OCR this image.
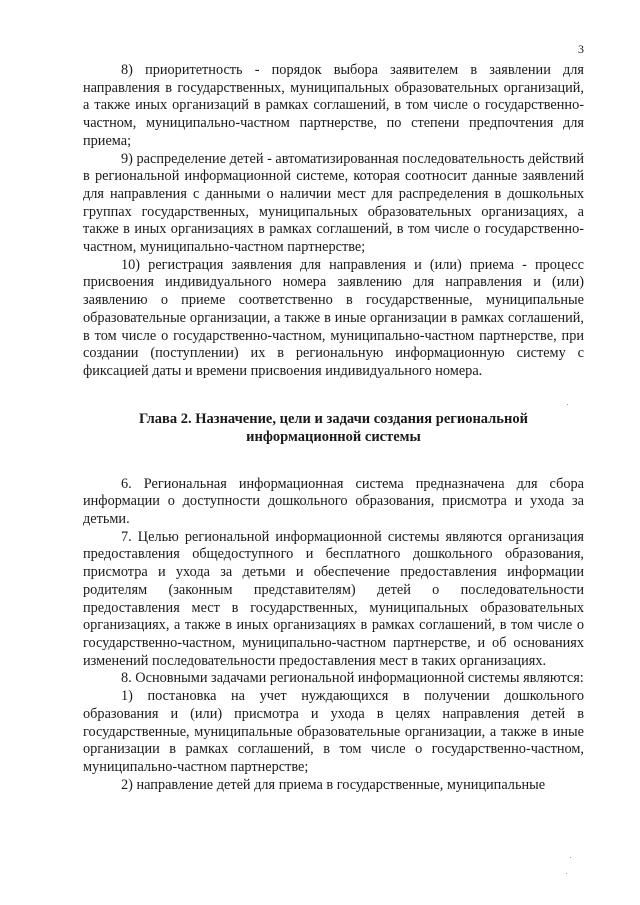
3

8) приоритетность - порядок выбора заявителем в заявлении для направления в государственных, муниципальных образовательных организаций, а также иных организаций в рамках соглашений, в том числе о государственно-частном, муниципально-частном партнерстве, по степени предпочтения для приема;

9) распределение детей - автоматизированная последовательность действий в региональной информационной системе, которая соотносит данные заявлений для направления с данными о наличии мест для распределения в дошкольных группах государственных, муниципальных образовательных организациях, а также в иных организациях в рамках соглашений, в том числе о государственно-частном, муниципально-частном партнерстве;

10) регистрация заявления для направления и (или) приема - процесс присвоения индивидуального номера заявлению для направления и (или) заявлению о приеме соответственно в государственные, муниципальные образовательные организации, а также в иные организации в рамках соглашений, в том числе о государственно-частном, муниципально-частном партнерстве, при создании (поступлении) их в региональную информационную систему с фиксацией даты и времени присвоения индивидуального номера.

Глава 2. Назначение, цели и задачи создания региональной информационной системы

6. Региональная информационная система предназначена для сбора информации о доступности дошкольного образования, присмотра и ухода за детьми.

7. Целью региональной информационной системы являются организация предоставления общедоступного и бесплатного дошкольного образования, присмотра и ухода за детьми и обеспечение предоставления информации родителям (законным представителям) детей о последовательности предоставления мест в государственных, муниципальных образовательных организациях, а также в иных организациях в рамках соглашений, в том числе о государственно-частном, муниципально-частном партнерстве, и об основаниях изменений последовательности предоставления мест в таких организациях.

8. Основными задачами региональной информационной системы являются:

1) постановка на учет нуждающихся в получении дошкольного образования и (или) присмотра и ухода в целях направления детей в государственные, муниципальные образовательные организации, а также в иные организации в рамках соглашений, в том числе о государственно-частном, муниципально-частном партнерстве;

2) направление детей для приема в государственные, муниципальные
